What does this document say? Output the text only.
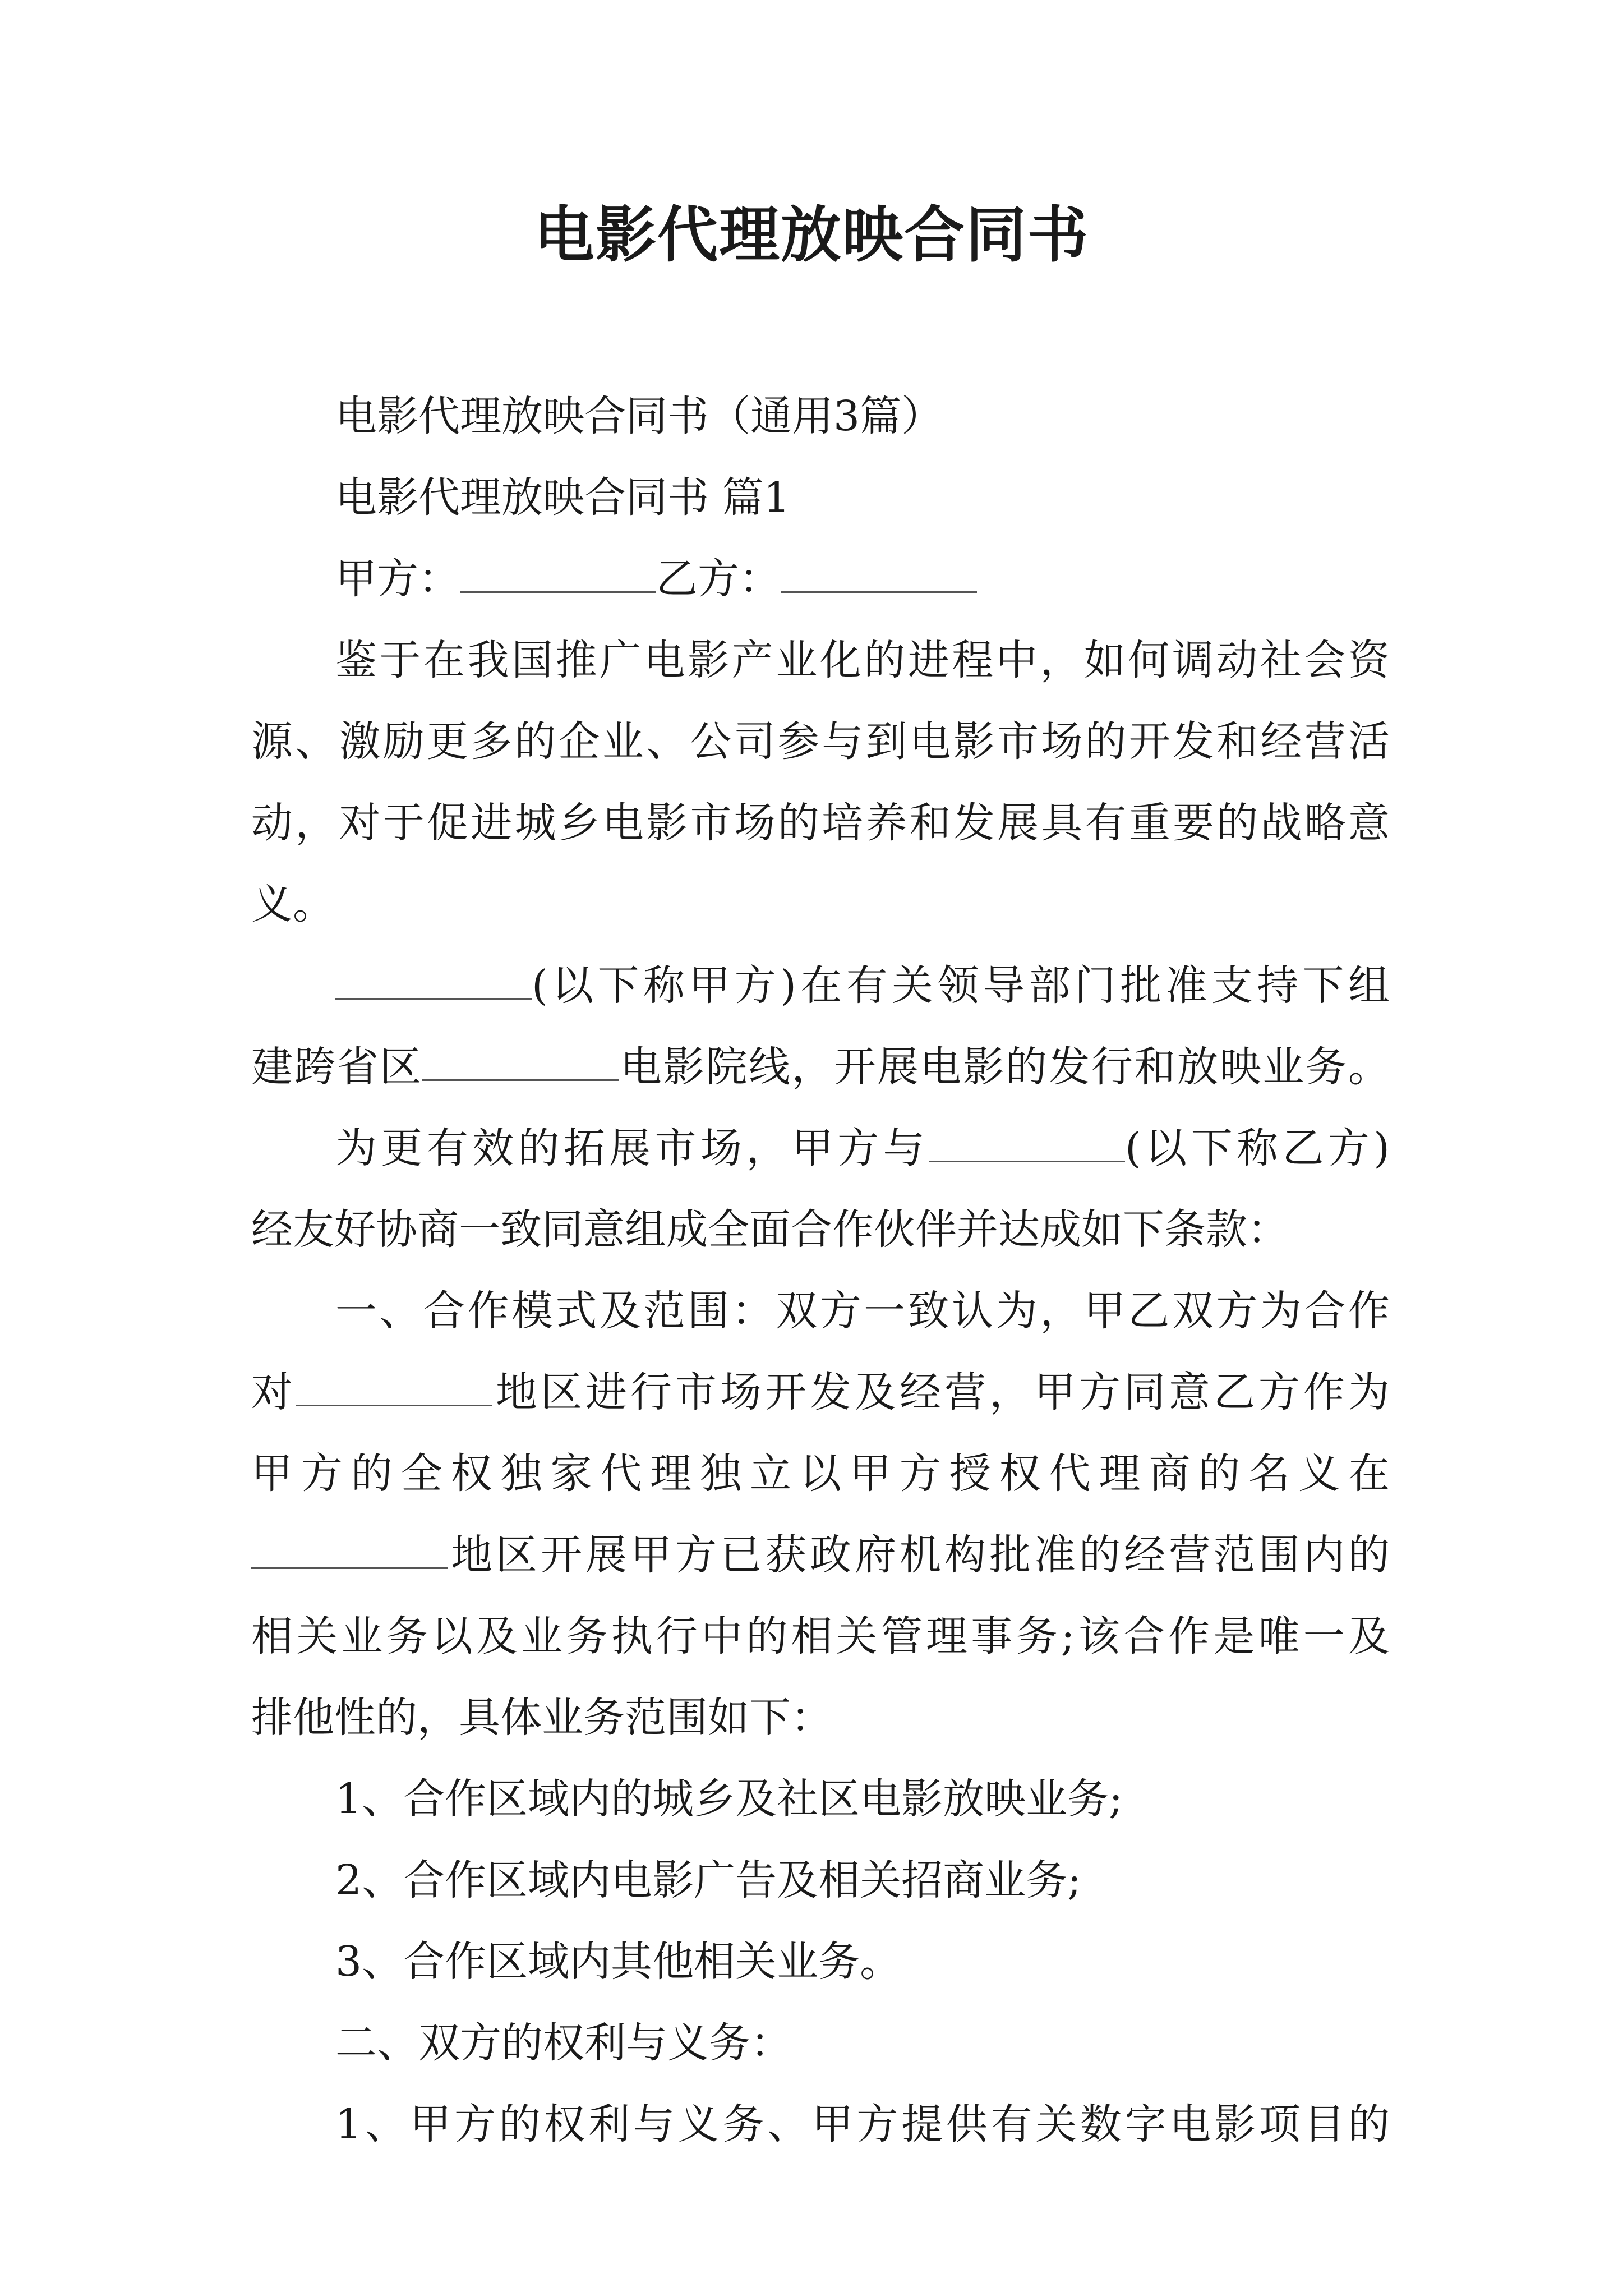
电影代理放映合同书
电影代理放映合同书（通用3篇）
电影代理放映合同书 篇1
甲方：	乙方：
鉴于在我国推广电影产业化的进程中，如何调动社会资
源、激励更多的企业、公司参与到电影市场的开发和经营活
动，对于促进城乡电影市场的培养和发展具有重要的战略意
义。
(以下称甲方)在有关领导部门批准支持下组
建跨省区	电影院线，开展电影的发行和放映业务。
为更有效的拓展市场，甲方与	(以下称乙方)
经友好协商一致同意组成全面合作伙伴并达成如下条款：
一、合作模式及范围：双方一致认为，甲乙双方为合作
对	地区进行市场开发及经营，甲方同意乙方作为
甲方的全权独家代理独立以甲方授权代理商的名义在
地区开展甲方已获政府机构批准的经营范围内的
相关业务以及业务执行中的相关管理事务;该合作是唯一及
排他性的，具体业务范围如下：
1、合作区域内的城乡及社区电影放映业务;
2、合作区域内电影广告及相关招商业务;
3、合作区域内其他相关业务。
二、双方的权利与义务：
1、甲方的权利与义务、甲方提供有关数字电影项目的
